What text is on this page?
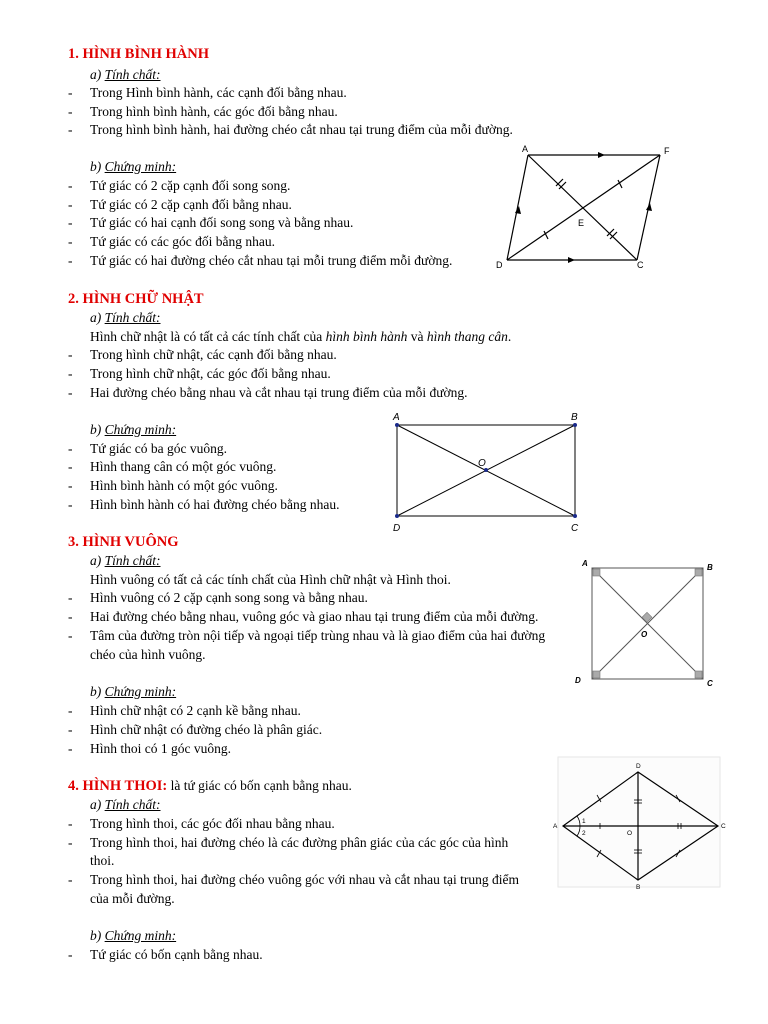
1. HÌNH BÌNH HÀNH
a) Tính chất:
- Trong Hình bình hành, các cạnh đối bằng nhau.
- Trong hình bình hành, các góc đối bằng nhau.
- Trong hình bình hành, hai đường chéo cắt nhau tại trung điểm của mỗi đường.
b) Chứng minh:
- Tứ giác có 2 cặp cạnh đối song song.
- Tứ giác có 2 cặp cạnh đối bằng nhau.
- Tứ giác có hai cạnh đối song song và bằng nhau.
- Tứ giác có các góc đối bằng nhau.
- Tứ giác có hai đường chéo cắt nhau tại mỗi trung điểm mỗi đường.
A	F
E
D	C
2. HÌNH CHỮ NHẬT
a) Tính chất:
Hình chữ nhật là có tất cả các tính chất của hình bình hành và hình thang cân.
- Trong hình chữ nhật, các cạnh đối bằng nhau.
- Trong hình chữ nhật, các góc đối bằng nhau.
- Hai đường chéo bằng nhau và cắt nhau tại trung điểm của mỗi đường.
b) Chứng minh:
- Tứ giác có ba góc vuông.
- Hình thang cân có một góc vuông.
- Hình bình hành có một góc vuông.
- Hình bình hành có hai đường chéo bằng nhau.
A	B
O
D	C
3. HÌNH VUÔNG
a) Tính chất:
Hình vuông có tất cả các tính chất của Hình chữ nhật và Hình thoi.
- Hình vuông có 2 cặp cạnh song song và bằng nhau.
- Hai đường chéo bằng nhau, vuông góc và giao nhau tại trung điểm của mỗi đường.
- Tâm của đường tròn nội tiếp và ngoại tiếp trùng nhau và là giao điểm của hai đường
chéo của hình vuông.
b) Chứng minh:
- Hình chữ nhật có 2 cạnh kề bằng nhau.
- Hình chữ nhật có đường chéo là phân giác.
- Hình thoi có 1 góc vuông.
A	B
O
D	C
4. HÌNH THOI: là tứ giác có bốn cạnh bằng nhau.
a) Tính chất:
- Trong hình thoi, các góc đối nhau bằng nhau.
- Trong hình thoi, hai đường chéo là các đường phân giác của các góc của hình
thoi.
- Trong hình thoi, hai đường chéo vuông góc với nhau và cắt nhau tại trung điểm
của mỗi đường.
b) Chứng minh:
- Tứ giác có bốn cạnh bằng nhau.
D
A	C
B
O
1
2
